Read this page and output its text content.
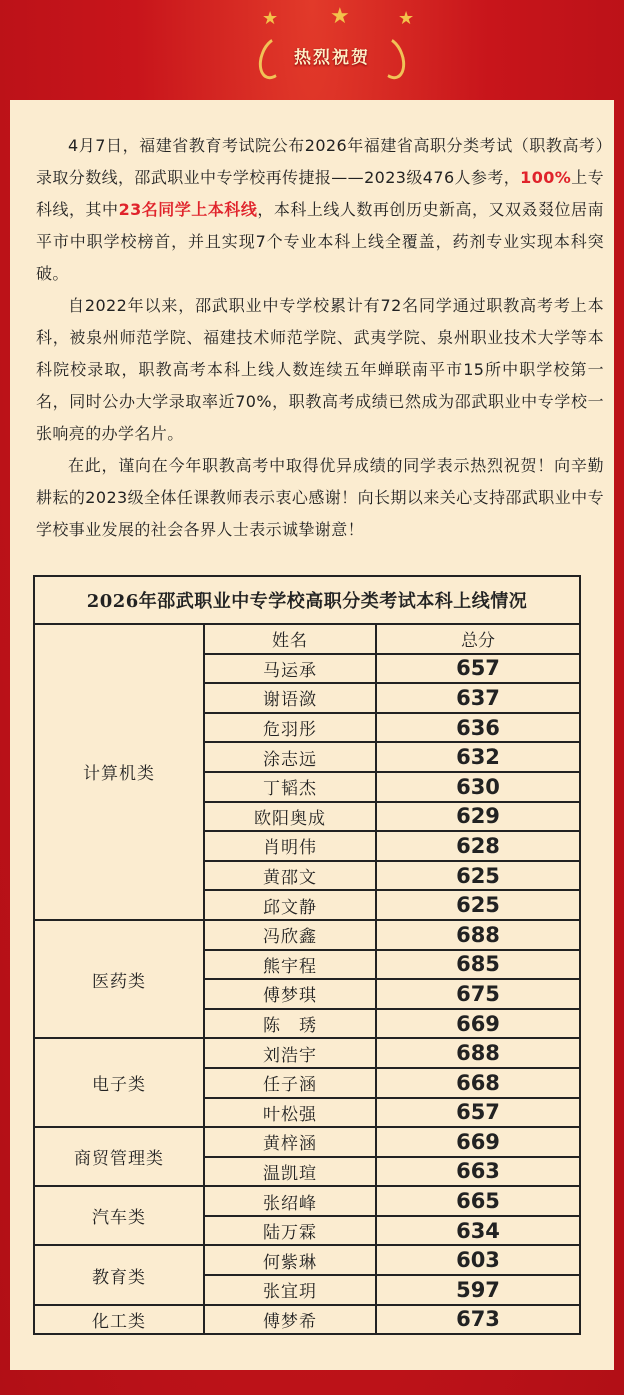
★ ★	★
热烈祝贺

4月7日，福建省教育考试院公布2026年福建省高职分类考试（职教高考）录取分数线，邵武职业中专学校再传捷报——2023级476人参考，100%上专科线，其中23名同学上本科线，本科上线人数再创历史新高，又双叒叕位居南平市中职学校榜首，并且实现7个专业本科上线全覆盖，药剂专业实现本科突破。

自2022年以来，邵武职业中专学校累计有72名同学通过职教高考考上本科，被泉州师范学院、福建技术师范学院、武夷学院、泉州职业技术大学等本科院校录取，职教高考本科上线人数连续五年蝉联南平市15所中职学校第一名，同时公办大学录取率近70%，职教高考成绩已然成为邵武职业中专学校一张响亮的办学名片。

在此，谨向在今年职教高考中取得优异成绩的同学表示热烈祝贺！向辛勤耕耘的2023级全体任课教师表示衷心感谢！向长期以来关心支持邵武职业中专学校事业发展的社会各界人士表示诚挚谢意！

2026年邵武职业中专学校高职分类考试本科上线情况		
计算机类	姓名	总分
	马运承	657
	谢语潋	637
	危羽彤	636
	涂志远	632
	丁韬杰	630
	欧阳奥成	629
	肖明伟	628
	黄邵文	625
	邱文静	625
医药类	冯欣鑫	688
	熊宇程	685
	傅梦琪	675
	陈　琇	669
电子类	刘浩宇	688
	任子涵	668
	叶松强	657
商贸管理类	黄梓涵	669
	温凯瑄	663
汽车类	张绍峰	665
	陆万霖	634
教育类	何紫琳	603
	张宜玥	597
化工类	傅梦希	673
